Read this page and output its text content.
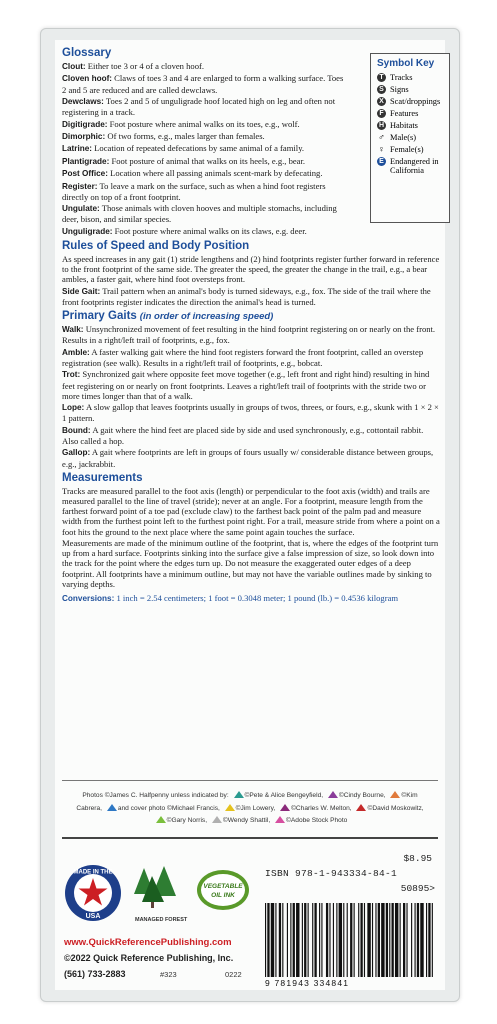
Glossary

Clout: Either toe 3 or 4 of a cloven hoof.

Cloven hoof: Claws of toes 3 and 4 are enlarged to form a walking surface. Toes 2 and 5 are reduced and are called dewclaws.

Dewclaws: Toes 2 and 5 of unguligrade hoof located high on leg and often not registering in a track.

Digitigrade: Foot posture where animal walks on its toes, e.g., wolf.

Dimorphic: Of two forms, e.g., males larger than females.

Latrine: Location of repeated defecations by same animal of a family.

Plantigrade: Foot posture of animal that walks on its heels, e.g., bear.

Post Office: Location where all passing animals scent-mark by defecating.

Register: To leave a mark on the surface, such as when a hind foot registers directly on top of a front footprint.

Ungulate: Those animals with cloven hooves and multiple stomachs, including deer, bison, and similar species.

Unguligrade: Foot posture where animal walks on its claws, e.g. deer.

Rules of Speed and Body Position

As speed increases in any gait (1) stride lengthens and (2) hind footprints register further forward in reference to the front footprint of the same side. The greater the speed, the greater the change in the trail, e.g., a bear ambles, a faster gait, where hind foot oversteps front.

Side Gait: Trail pattern when an animal's body is turned sideways, e.g., fox. The side of the trail where the front footprints register indicates the direction the animal's head is turned.

Primary Gaits (in order of increasing speed)

Walk: Unsynchronized movement of feet resulting in the hind footprint registering on or nearly on the front. Results in a right/left trail of footprints, e.g., fox.

Amble: A faster walking gait where the hind foot registers forward the front footprint, called an overstep registration (see walk). Results in a right/left trail of footprints, e.g., bobcat.

Trot: Synchronized gait where opposite feet move together (e.g., left front and right hind) resulting in hind feet registering on or nearly on front footprints. Leaves a right/left trail of footprints with the stride two or more times longer than that of a walk.

Lope: A slow gallop that leaves footprints usually in groups of twos, threes, or fours, e.g., skunk with 1 × 2 × 1 pattern.

Bound: A gait where the hind feet are placed side by side and used synchronously, e.g., cottontail rabbit. Also called a hop.

Gallop: A gait where footprints are left in groups of fours usually w/ considerable distance between groups, e.g., jackrabbit.

Measurements

Tracks are measured parallel to the foot axis (length) or perpendicular to the foot axis (width) and trails are measured parallel to the line of travel (stride); never at an angle. For a footprint, measure length from the farthest forward point of a toe pad (exclude claw) to the farthest back point of the palm pad and measure width from the furthest point left to the furthest point right. For a trail, measure stride from where a point on a foot hits the ground to the next place where the same point again touches the surface.

Measurements are made of the minimum outline of the footprint, that is, where the edges of the footprint turn up from a hard surface. Footprints sinking into the surface give a false impression of size, so look down into the track for the point where the edges turn up. Do not measure the exaggerated outer edges of a deep footprint. All footprints have a minimum outline, but may not have the variable outlines made by sinking to varying depths.

Conversions: 1 inch = 2.54 centimeters; 1 foot = 0.3048 meter; 1 pound (lb.) = 0.4536 kilogram

Symbol Key
T Tracks
S Signs
X Scat/droppings
F Features
H Habitats
♂ Male(s)
♀ Female(s)
E Endangered in California
Photos ©James C. Halfpenny unless indicated by: ©Pete & Alice Bengeyfield, ©Cindy Bourne, ©Kim Cabrera, and cover photo ©Michael Francis, ©Jim Lowery, ©Charles W. Melton, ©David Moskowitz, ©Gary Norris, ©Wendy Shattil, ©Adobe Stock Photo
$8.95
ISBN 978-1-943334-84-1
50895>
MADE IN THE
USA	MANAGED FOREST
VEGETABLE
OIL INK
9 781943 334841
www.QuickReferencePublishing.com
©2022 Quick Reference Publishing, Inc.
(561) 733-2883	#323	0222
